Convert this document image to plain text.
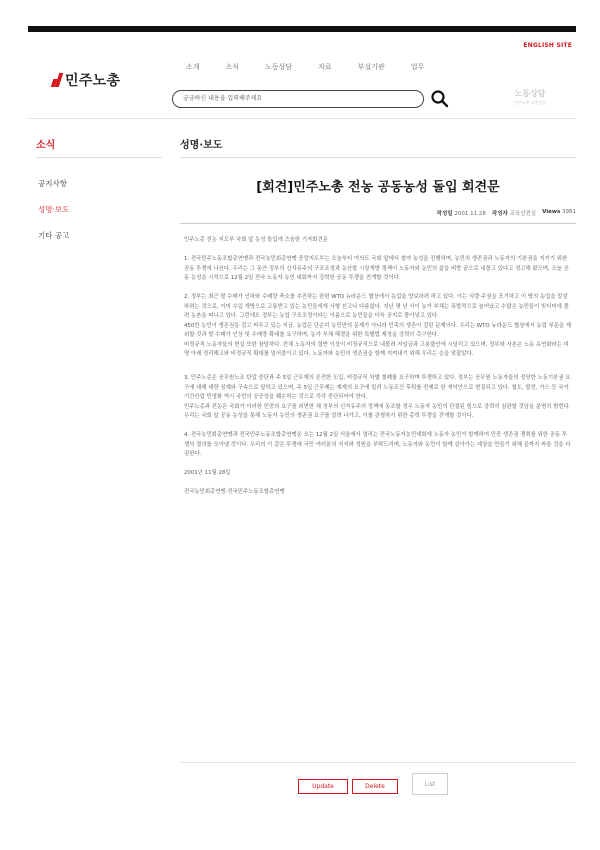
ENGLISH SITE
민주노총
소개	소식	노동상담	자료	부설기관	업무
궁금하신 내용을 입력해주세요
노동상담
민주노총 고충상담
소식
공지사항
성명·보도
기타 공고
성명·보도
[회견]민주노총 전농 공동농성 돌입 회견문
작성일 2001.11.28 작성자 교육선전실 Views 3981

민주노총 전농 지도부 국회 앞 농성 돌입에 즈음한 기자회견문

1. 전국민주노동조합총연맹과 전국농민회총연맹 중앙지도부는 오늘부터 여의도 국회 앞에서 철야 농성을 진행하며, 농민의 생존권과 노동자의 기본권을 지키기 위한 공동 투쟁에 나선다. 우리는 그 동안 정부의 신자유주의 구조조정과 농산물 시장개방 정책이 노동자와 농민의 삶을 벼랑 끝으로 내몰고 있다고 경고해 왔으며, 오늘 공동 농성을 시작으로 12월 2일 전국 노동자 농민 대회까지 강력한 공동 투쟁을 전개할 것이다.

2. 정부는 최근 쌀 수매가 인하와 수매량 축소를 추진하는 한편 WTO 뉴라운드 협상에서 농업을 양보하려 하고 있다. 이는 식량 주권을 포기하고 이 땅의 농업을 말살하려는 것으로, 이미 수입 개방으로 고통받고 있는 농민들에게 사형 선고나 다름없다. 지난 몇 년 사이 농가 부채는 폭발적으로 늘어났고 수많은 농민들이 빚더미에 몰려 농촌을 떠나고 있다. 그런데도 정부는 농업 구조조정이라는 이름으로 농민들을 더욱 궁지로 몰아넣고 있다.

450만 농민이 생존권을 걸고 싸우고 있는 지금, 농업은 단순히 농민만의 문제가 아니라 민족의 생존이 걸린 문제이다. 우리는 WTO 뉴라운드 협상에서 농업 부문을 제외할 것과 쌀 수매가 인상 및 수매량 확대를 요구하며, 농가 부채 해결을 위한 특별법 제정을 강력히 촉구한다.

비정규직 노동자들의 현실 또한 참담하다. 전체 노동자의 절반 이상이 비정규직으로 내몰려 저임금과 고용불안에 시달리고 있으며, 정부와 자본은 노동 유연화라는 미명 아래 정리해고와 비정규직 확대를 밀어붙이고 있다. 노동자와 농민의 생존권을 함께 지켜내기 위해 우리는 손을 맞잡았다.

3. 민주노총은 공무원노조 탄압 중단과 주 5일 근무제의 온전한 도입, 비정규직 차별 철폐를 요구하며 투쟁하고 있다. 정부는 공무원 노동자들의 정당한 노동기본권 요구에 대해 대량 징계와 구속으로 답하고 있으며, 주 5일 근무제는 재계의 요구에 밀려 노동조건 후퇴를 전제로 한 개악안으로 변질되고 있다. 철도, 발전, 가스 등 국가 기간산업 민영화 역시 국민의 공공성을 훼손하는 것으로 즉각 중단되어야 한다.

민주노총과 전농은 국회가 이러한 민중의 요구를 외면한 채 정부의 신자유주의 정책에 동조할 경우 노동자 농민의 단결된 힘으로 강력히 심판할 것임을 분명히 밝힌다. 우리는 국회 앞 공동 농성을 통해 노동자 농민의 생존권 요구를 알려 나가고, 이를 관철하기 위한 총력 투쟁을 전개할 것이다.

4. 전국농민회총연맹과 전국민주노동조합총연맹은 오는 12월 2일 서울에서 열리는 전국노동자농민대회에 노동자 농민이 함께하여 민중 생존권 쟁취를 위한 공동 투쟁의 결의를 모아낼 것이다. 우리의 이 같은 투쟁에 국민 여러분의 지지와 성원을 부탁드리며, 노동자와 농민이 함께 살아가는 세상을 만들기 위해 끝까지 싸울 것을 다짐한다.

2001년 11월 28일

전국농민회총연맹·전국민주노동조합총연맹

Update	Delete	List
